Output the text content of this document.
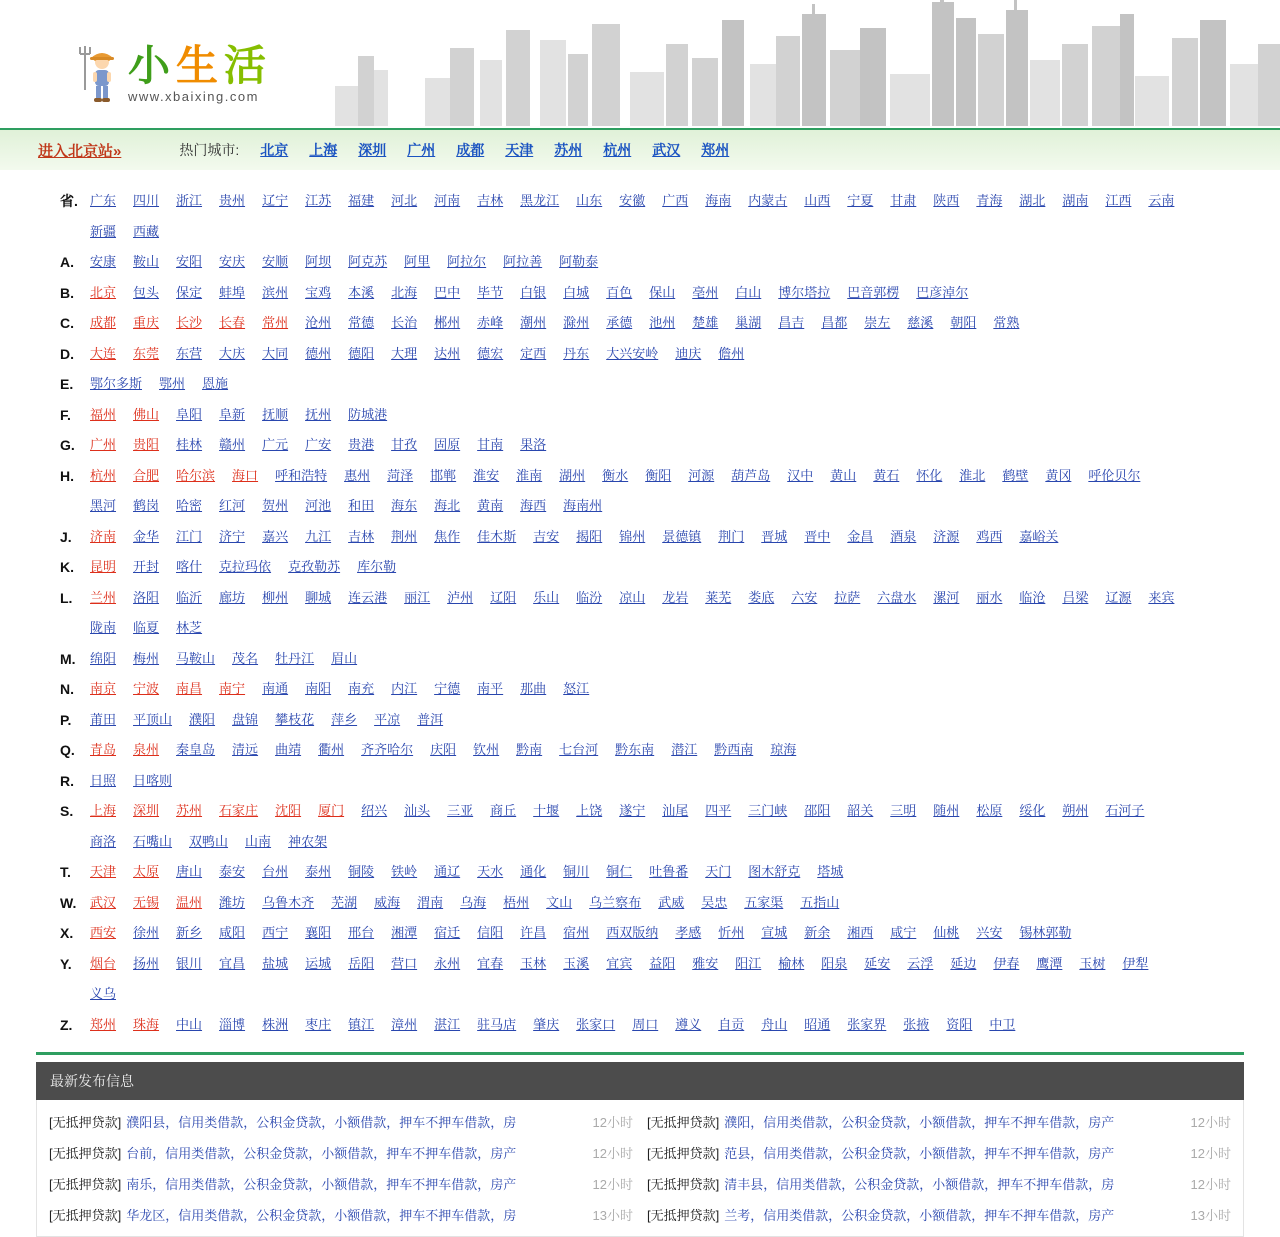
小 生 活
www.xbaixing.com
进入北京站»	热门城市:	北京 上海 深圳 广州 成都 天津 苏州 杭州 武汉 郑州
省. 广东 四川 浙江 贵州 辽宁 江苏 福建 河北 河南 吉林 黑龙江 山东 安徽 广西 海南 内蒙古 山西 宁夏 甘肃 陕西 青海 湖北 湖南 江西 云南
新疆 西藏
A.	安康 鞍山 安阳 安庆 安顺 阿坝 阿克苏 阿里 阿拉尔 阿拉善 阿勒泰
B.	北京 包头 保定 蚌埠 滨州 宝鸡 本溪 北海 巴中 毕节 白银 白城 百色 保山 亳州 白山 博尔塔拉 巴音郭楞 巴彦淖尔
C.	成都 重庆 长沙 长春 常州 沧州 常德 长治 郴州 赤峰 潮州 滁州 承德 池州 楚雄 巢湖 昌吉 昌都 崇左 慈溪 朝阳 常熟
D.	大连 东莞 东营 大庆 大同 德州 德阳 大理 达州 德宏 定西 丹东 大兴安岭 迪庆 儋州
E.	鄂尔多斯 鄂州 恩施
F.	福州 佛山 阜阳 阜新 抚顺 抚州 防城港
G.	广州 贵阳 桂林 赣州 广元 广安 贵港 甘孜 固原 甘南 果洛
H.	杭州 合肥 哈尔滨 海口 呼和浩特 惠州 菏泽 邯郸 淮安 淮南 湖州 衡水 衡阳 河源 葫芦岛 汉中 黄山 黄石 怀化 淮北 鹤壁 黄冈 呼伦贝尔
黑河 鹤岗 哈密 红河 贺州 河池 和田 海东 海北 黄南 海西 海南州
J.	济南 金华 江门 济宁 嘉兴 九江 吉林 荆州 焦作 佳木斯 吉安 揭阳 锦州 景德镇 荆门 晋城 晋中 金昌 酒泉 济源 鸡西 嘉峪关
K.	昆明 开封 喀什 克拉玛依 克孜勒苏 库尔勒
L.	兰州 洛阳 临沂 廊坊 柳州 聊城 连云港 丽江 泸州 辽阳 乐山 临汾 凉山 龙岩 莱芜 娄底 六安 拉萨 六盘水 漯河 丽水 临沧 吕梁 辽源 来宾
陇南 临夏 林芝
M.	绵阳 梅州 马鞍山 茂名 牡丹江 眉山
N.	南京 宁波 南昌 南宁 南通 南阳 南充 内江 宁德 南平 那曲 怒江
P.	莆田 平顶山 濮阳 盘锦 攀枝花 萍乡 平凉 普洱
Q.	青岛 泉州 秦皇岛 清远 曲靖 衢州 齐齐哈尔 庆阳 钦州 黔南 七台河 黔东南 潜江 黔西南 琼海
R.	日照 日喀则
S.	上海 深圳 苏州 石家庄 沈阳 厦门 绍兴 汕头 三亚 商丘 十堰 上饶 遂宁 汕尾 四平 三门峡 邵阳 韶关 三明 随州 松原 绥化 朔州 石河子
商洛 石嘴山 双鸭山 山南 神农架
T.	天津 太原 唐山 泰安 台州 泰州 铜陵 铁岭 通辽 天水 通化 铜川 铜仁 吐鲁番 天门 图木舒克 塔城
W.	武汉 无锡 温州 潍坊 乌鲁木齐 芜湖 威海 渭南 乌海 梧州 文山 乌兰察布 武威 吴忠 五家渠 五指山
X.	西安 徐州 新乡 咸阳 西宁 襄阳 邢台 湘潭 宿迁 信阳 许昌 宿州 西双版纳 孝感 忻州 宣城 新余 湘西 咸宁 仙桃 兴安 锡林郭勒
Y.	烟台 扬州 银川 宜昌 盐城 运城 岳阳 营口 永州 宜春 玉林 玉溪 宜宾 益阳 雅安 阳江 榆林 阳泉 延安 云浮 延边 伊春 鹰潭 玉树 伊犁
义乌
Z.	郑州 珠海 中山 淄博 株洲 枣庄 镇江 漳州 湛江 驻马店 肇庆 张家口 周口 遵义 自贡 舟山 昭通 张家界 张掖 资阳 中卫
最新发布信息
[无抵押贷款] 濮阳县，信用类借款，公积金贷款，小额借款，押车不押车借款，房	12小时
[无抵押贷款] 台前，信用类借款，公积金贷款，小额借款，押车不押车借款，房产	12小时
[无抵押贷款] 南乐，信用类借款，公积金贷款，小额借款，押车不押车借款，房产	12小时
[无抵押贷款] 华龙区，信用类借款，公积金贷款，小额借款，押车不押车借款，房	13小时
[无抵押贷款] 濮阳，信用类借款，公积金贷款，小额借款，押车不押车借款，房产	12小时
[无抵押贷款] 范县，信用类借款，公积金贷款，小额借款，押车不押车借款，房产	12小时
[无抵押贷款] 清丰县，信用类借款，公积金贷款，小额借款，押车不押车借款，房	12小时
[无抵押贷款] 兰考，信用类借款，公积金贷款，小额借款，押车不押车借款，房产	13小时
